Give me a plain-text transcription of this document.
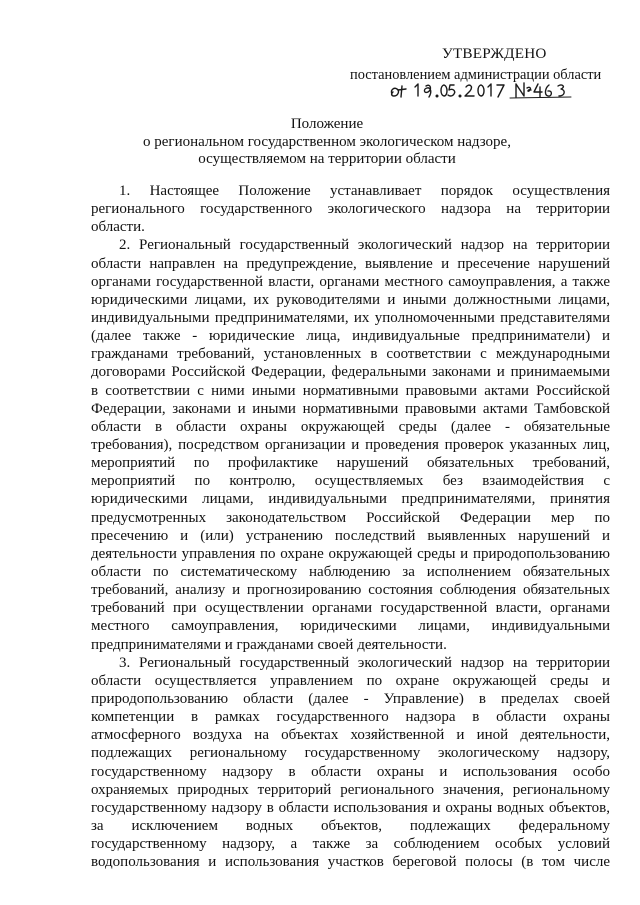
УТВЕРЖДЕНО
постановлением администрации области
Положение
о региональном государственном экологическом надзоре,
осуществляемом на территории области
1. Настоящее Положение устанавливает порядок осуществления
регионального государственного экологического надзора на территории
области.
2. Региональный государственный экологический надзор на территории
области направлен на предупреждение, выявление и пресечение нарушений
органами государственной власти, органами местного самоуправления, а также
юридическими лицами, их руководителями и иными должностными лицами,
индивидуальными предпринимателями, их уполномоченными представителями
(далее также - юридические лица, индивидуальные предприниматели) и
гражданами требований, установленных в соответствии с международными
договорами Российской Федерации, федеральными законами и принимаемыми
в соответствии с ними иными нормативными правовыми актами Российской
Федерации, законами и иными нормативными правовыми актами Тамбовской
области в области охраны окружающей среды (далее - обязательные
требования), посредством организации и проведения проверок указанных лиц,
мероприятий по профилактике нарушений обязательных требований,
мероприятий по контролю, осуществляемых без взаимодействия с
юридическими лицами, индивидуальными предпринимателями, принятия
предусмотренных законодательством Российской Федерации мер по
пресечению и (или) устранению последствий выявленных нарушений и
деятельности управления по охране окружающей среды и природопользованию
области по систематическому наблюдению за исполнением обязательных
требований, анализу и прогнозированию состояния соблюдения обязательных
требований при осуществлении органами государственной власти, органами
местного самоуправления, юридическими лицами, индивидуальными
предпринимателями и гражданами своей деятельности.
3. Региональный государственный экологический надзор на территории
области осуществляется управлением по охране окружающей среды и
природопользованию области (далее - Управление) в пределах своей
компетенции в рамках государственного надзора в области охраны
атмосферного воздуха на объектах хозяйственной и иной деятельности,
подлежащих региональному государственному экологическому надзору,
государственному надзору в области охраны и использования особо
охраняемых природных территорий регионального значения, региональному
государственному надзору в области использования и охраны водных объектов,
за исключением водных объектов, подлежащих федеральному
государственному надзору, а также за соблюдением особых условий
водопользования и использования участков береговой полосы (в том числе
